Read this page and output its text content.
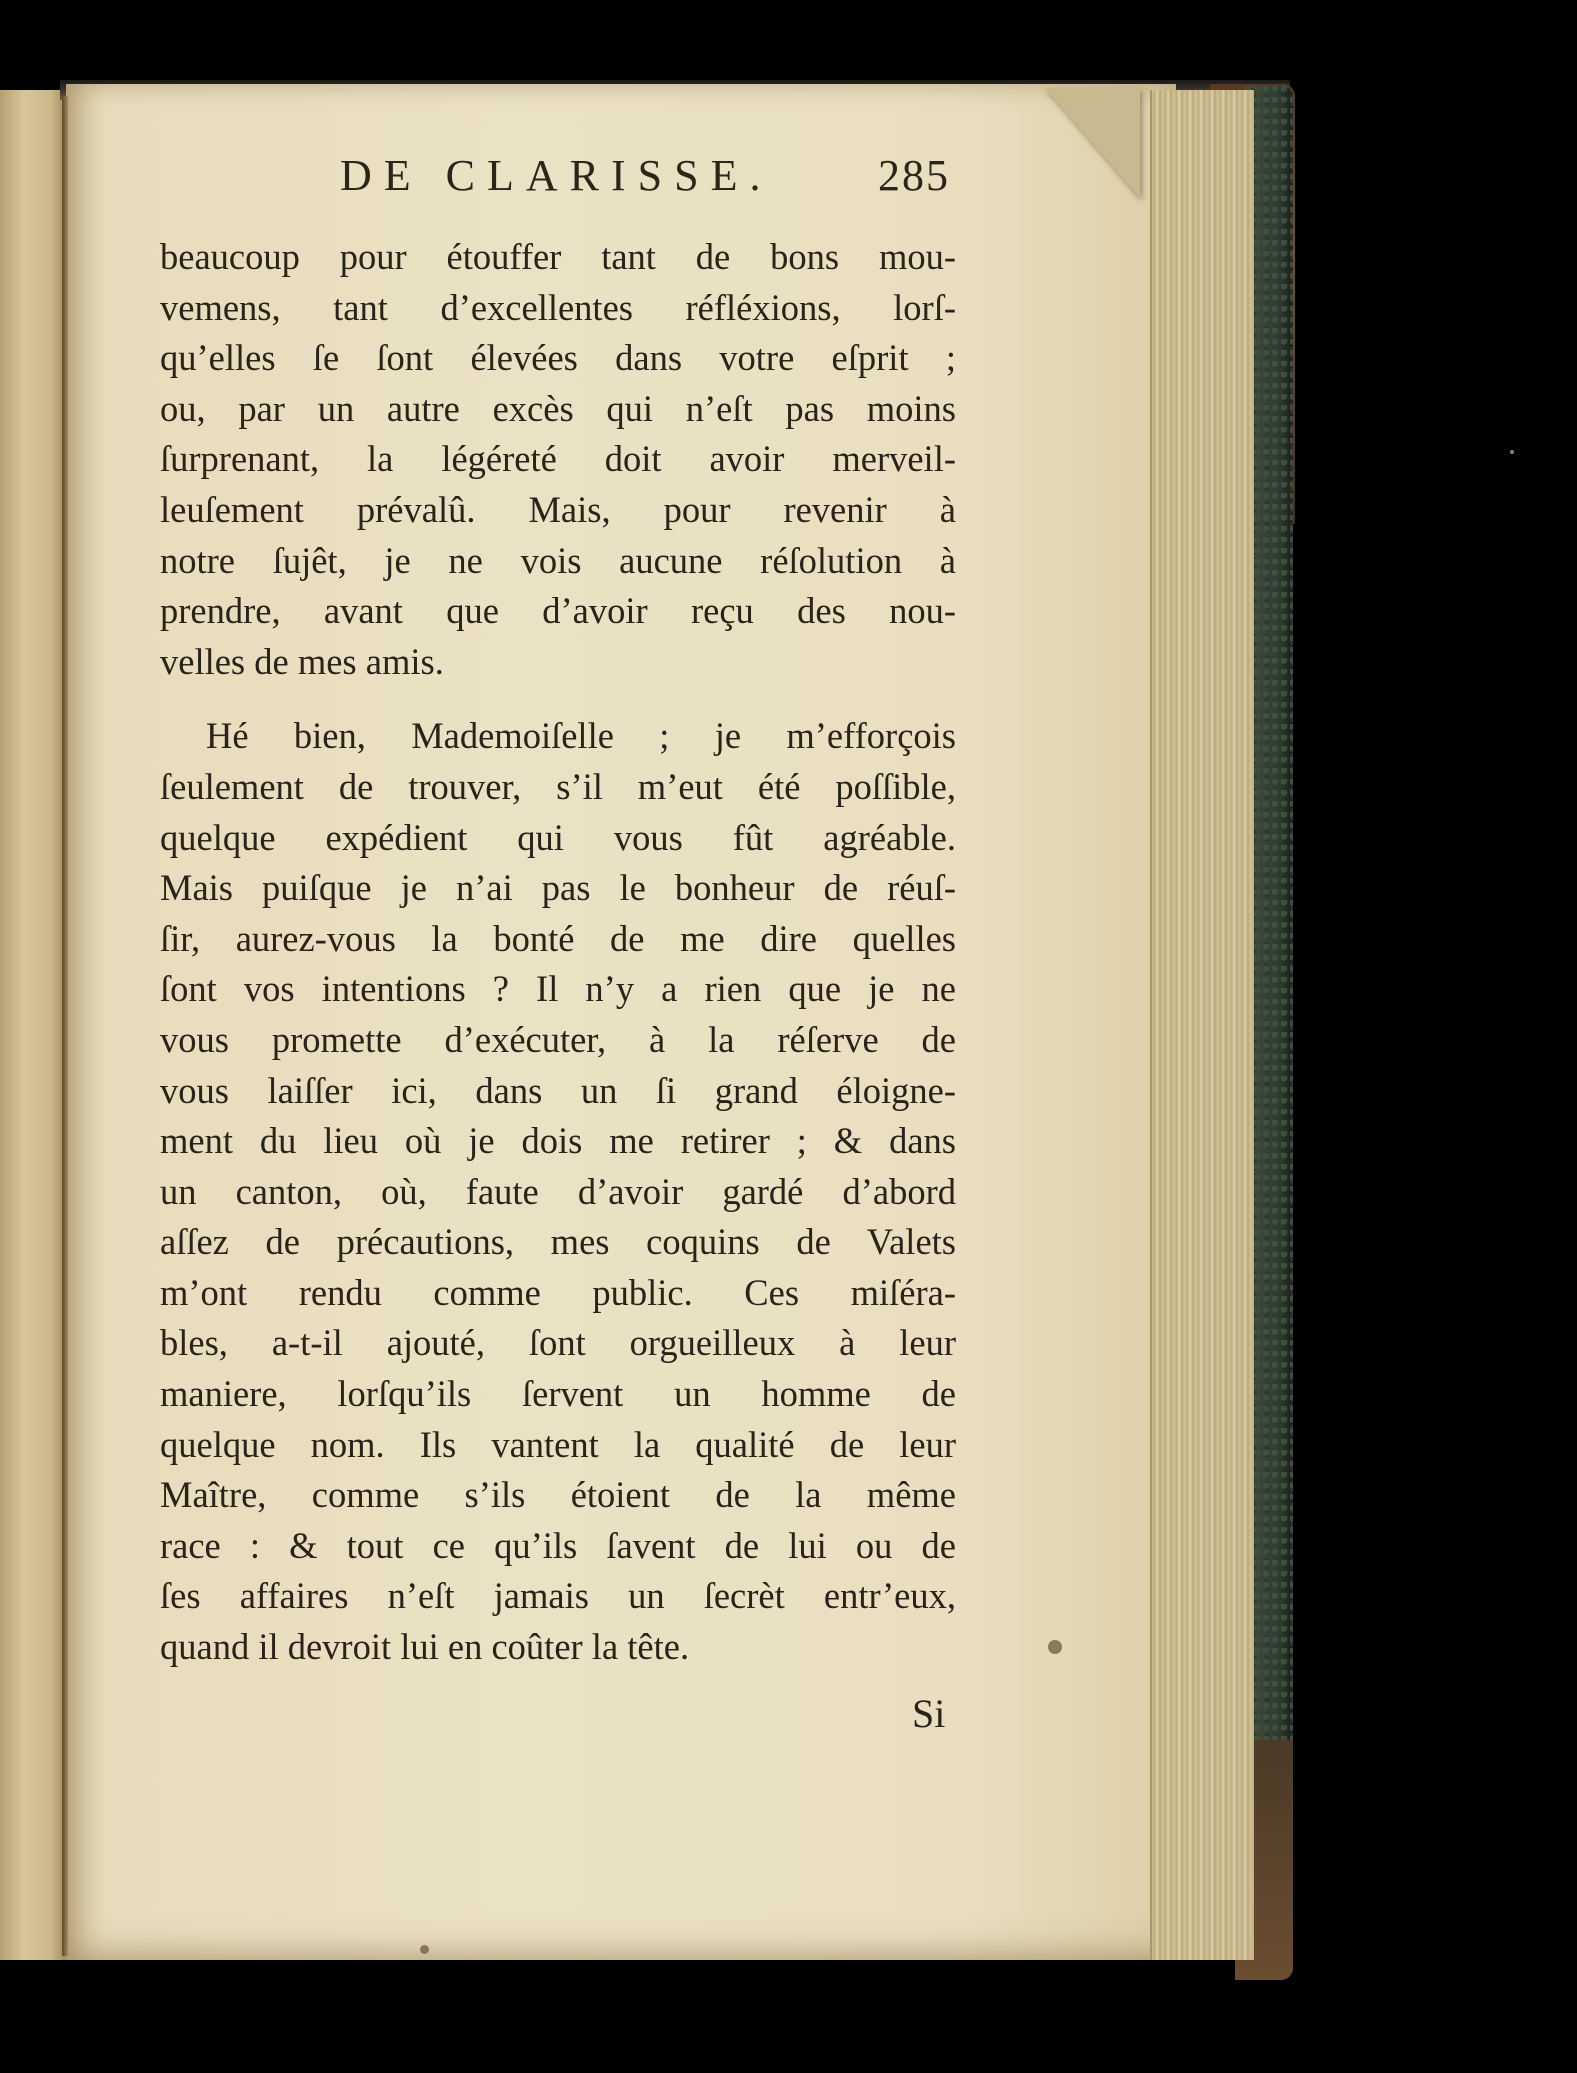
DE CLARISSE. 285
beaucoup pour étouffer tant de bons mou-
vemens, tant d’excellentes réfléxions, lorſ-
qu’elles ſe ſont élevées dans votre eſprit ;
ou, par un autre excès qui n’eſt pas moins
ſurprenant, la légéreté doit avoir merveil-
leuſement prévalû. Mais, pour revenir à
notre ſujêt, je ne vois aucune réſolution à
prendre, avant que d’avoir reçu des nou-
velles de mes amis.
Hé bien, Mademoiſelle ; je m’efforçois
ſeulement de trouver, s’il m’eut été poſſible,
quelque expédient qui vous fût agréable.
Mais puiſque je n’ai pas le bonheur de réuſ-
ſir, aurez-vous la bonté de me dire quelles
ſont vos intentions ? Il n’y a rien que je ne
vous promette d’exécuter, à la réſerve de
vous laiſſer ici, dans un ſi grand éloigne-
ment du lieu où je dois me retirer ; & dans
un canton, où, faute d’avoir gardé d’abord
aſſez de précautions, mes coquins de Valets
m’ont rendu comme public. Ces miſéra-
bles, a-t-il ajouté, ſont orgueilleux à leur
maniere, lorſqu’ils ſervent un homme de
quelque nom. Ils vantent la qualité de leur
Maître, comme s’ils étoient de la même
race : & tout ce qu’ils ſavent de lui ou de
ſes affaires n’eſt jamais un ſecrèt entr’eux,
quand il devroit lui en coûter la tête.
Si
